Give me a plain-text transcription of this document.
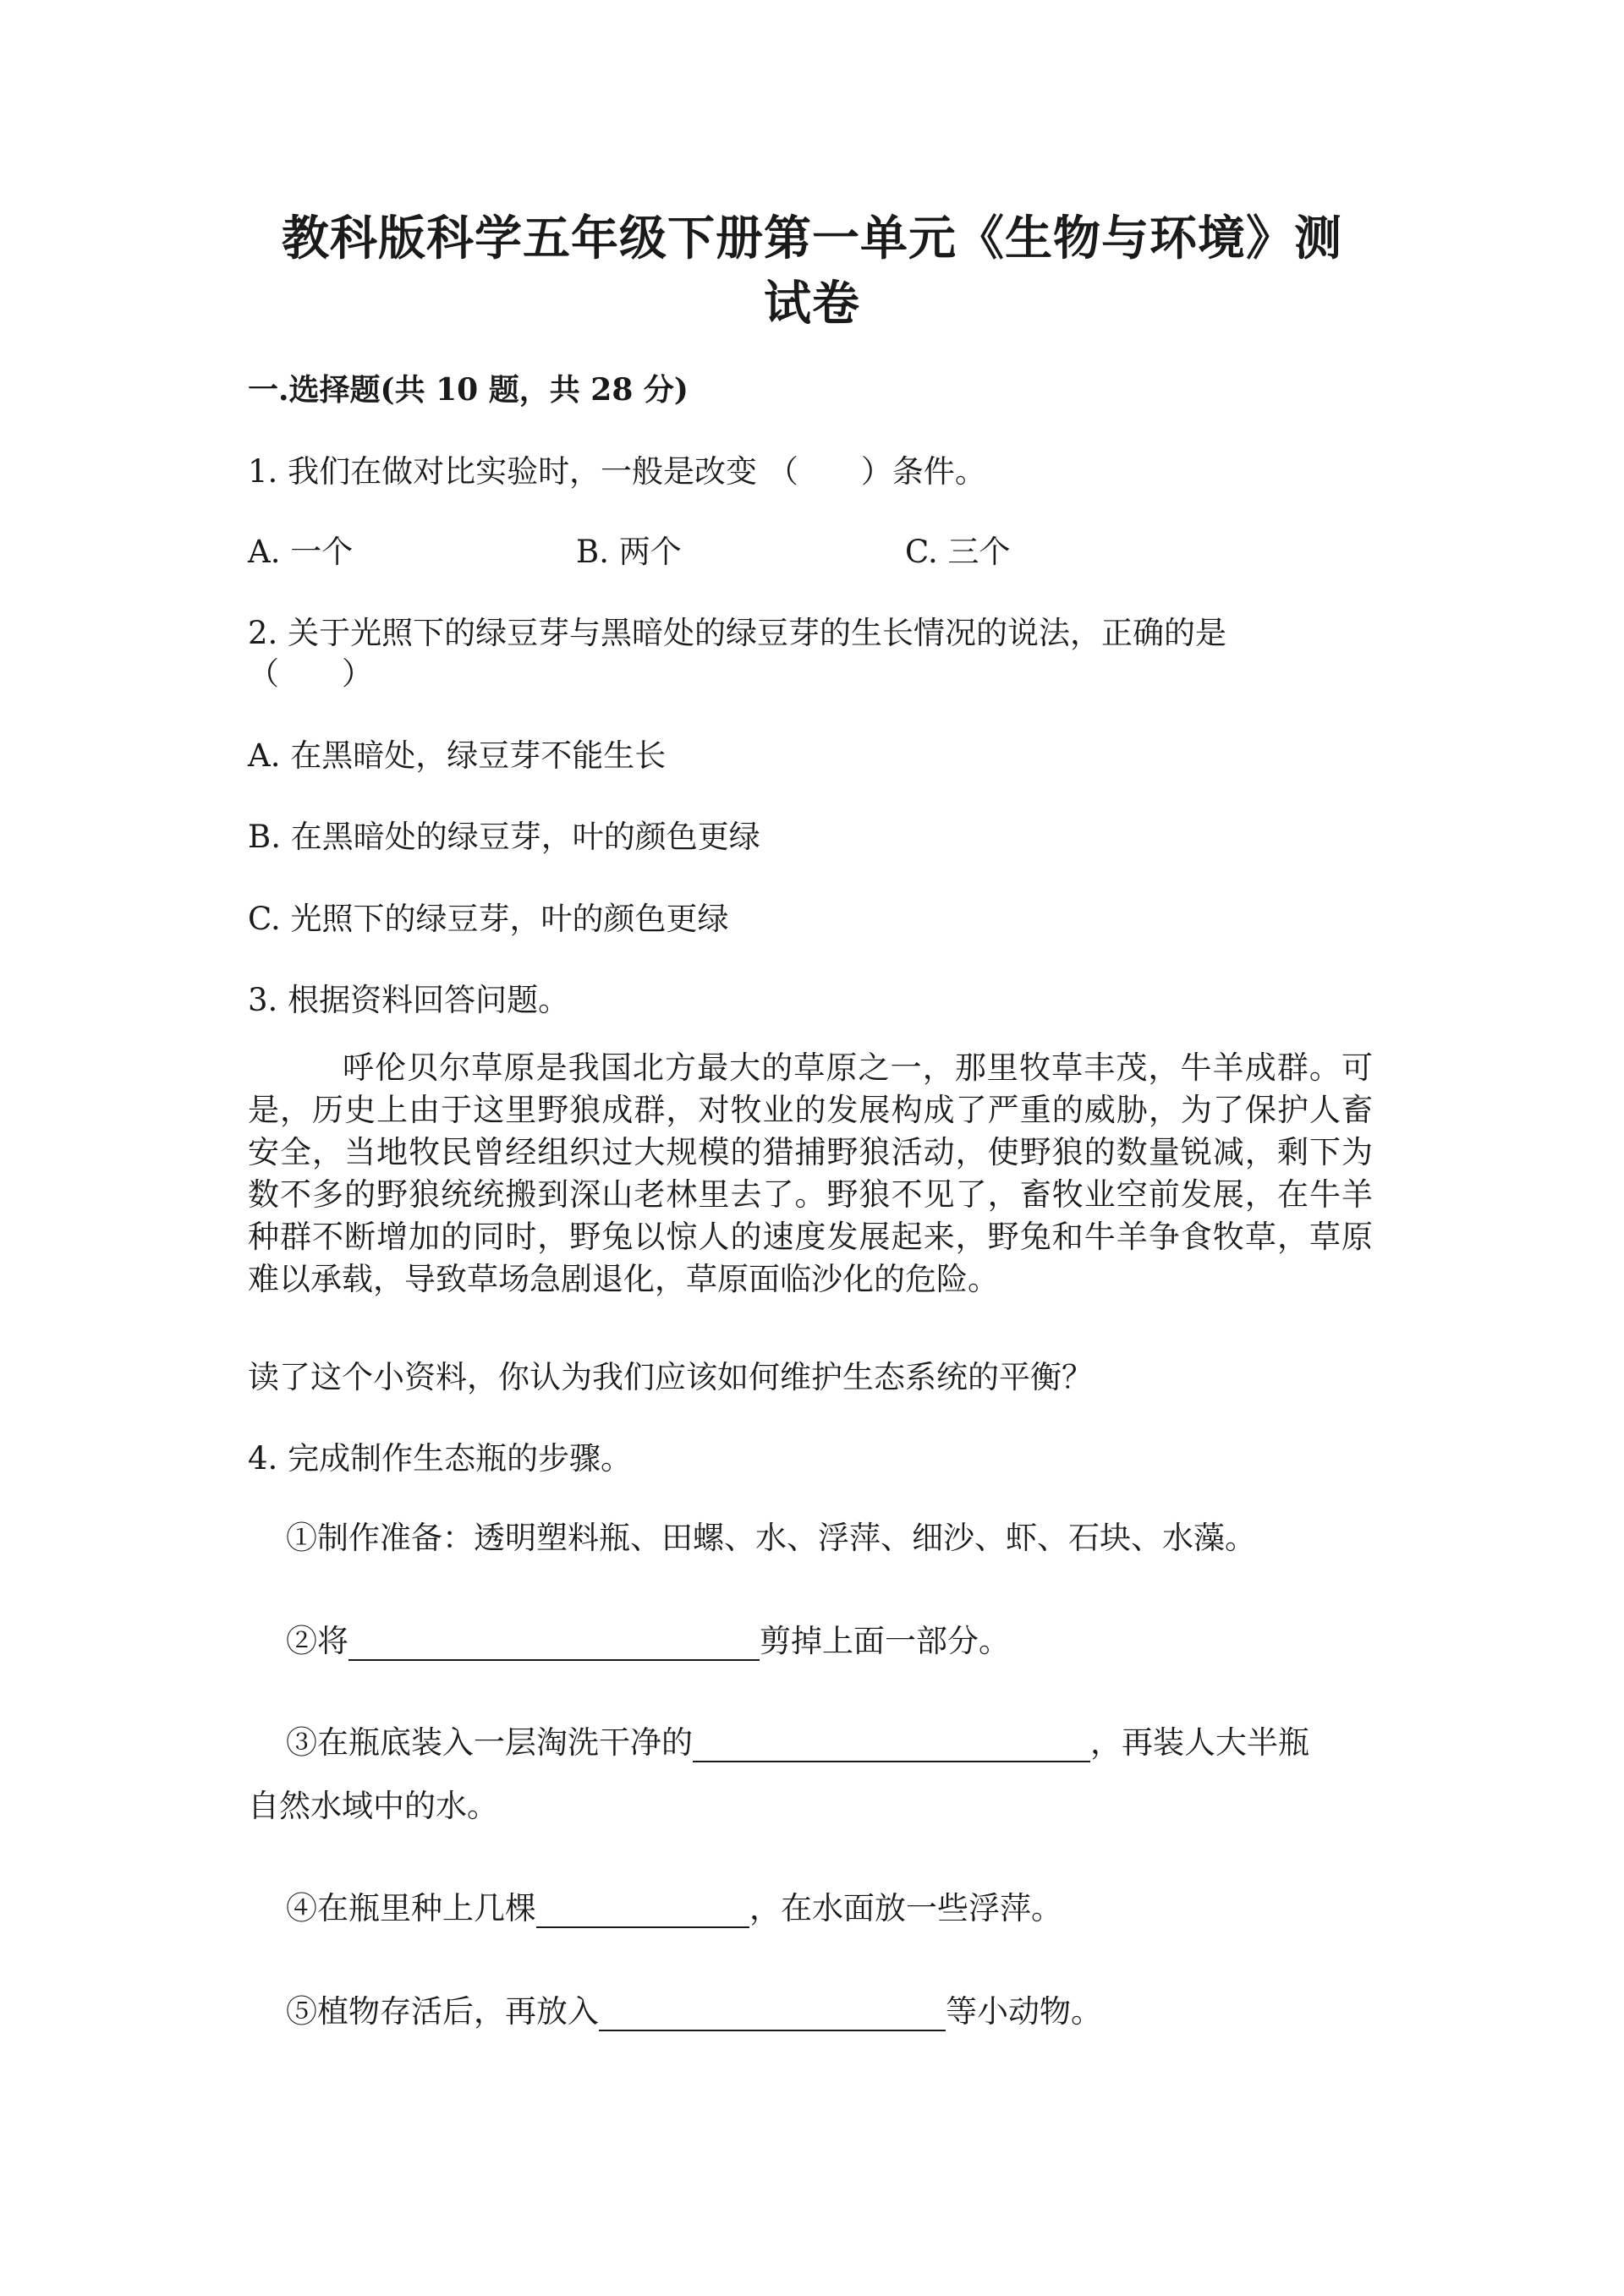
教科版科学五年级下册第一单元《生物与环境》测
试卷
一.选择题(共 10 题，共 28 分)
1. 我们在做对比实验时，一般是改变 （　　）条件。
A. 一个	B. 两个	C. 三个
2. 关于光照下的绿豆芽与黑暗处的绿豆芽的生长情况的说法，正确的是
（　　）
A. 在黑暗处，绿豆芽不能生长
B. 在黑暗处的绿豆芽，叶的颜色更绿
C. 光照下的绿豆芽，叶的颜色更绿
3. 根据资料回答问题。
呼伦贝尔草原是我国北方最大的草原之一，那里牧草丰茂，牛羊成群。可是，历史上由于这里野狼成群，对牧业的发展构成了严重的威胁，为了保护人畜安全，当地牧民曾经组织过大规模的猎捕野狼活动，使野狼的数量锐减，剩下为数不多的野狼统统搬到深山老林里去了。野狼不见了，畜牧业空前发展，在牛羊种群不断增加的同时，野兔以惊人的速度发展起来，野兔和牛羊争食牧草，草原难以承载，导致草场急剧退化，草原面临沙化的危险。
读了这个小资料，你认为我们应该如何维护生态系统的平衡？
4. 完成制作生态瓶的步骤。
①制作准备：透明塑料瓶、田螺、水、浮萍、细沙、虾、石块、水藻。
②将	剪掉上面一部分。
③在瓶底装入一层淘洗干净的	，再装人大半瓶
自然水域中的水。
④在瓶里种上几棵	，在水面放一些浮萍。
⑤植物存活后，再放入	等小动物。
